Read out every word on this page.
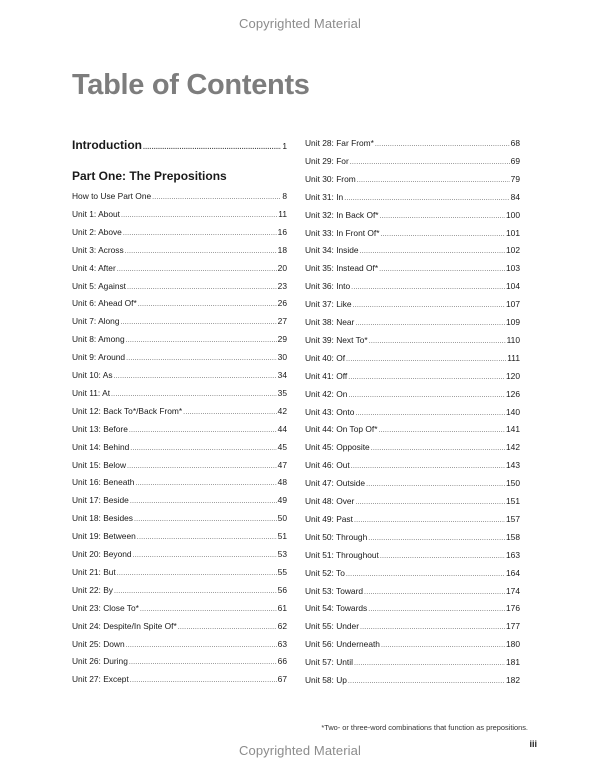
Copyrighted Material
Table of Contents
Introduction .....	1
Part One: The Prepositions
How to Use Part One .....	8
Unit 1: About .....	11
Unit 2: Above .....	16
Unit 3: Across .....	18
Unit 4: After .....	20
Unit 5: Against .....	23
Unit 6: Ahead Of* .....	26
Unit 7: Along .....	27
Unit 8: Among .....	29
Unit 9: Around .....	30
Unit 10: As .....	34
Unit 11: At .....	35
Unit 12: Back To*/Back From* .....	42
Unit 13: Before .....	44
Unit 14: Behind .....	45
Unit 15: Below .....	47
Unit 16: Beneath .....	48
Unit 17: Beside .....	49
Unit 18: Besides .....	50
Unit 19: Between .....	51
Unit 20: Beyond .....	53
Unit 21: But .....	55
Unit 22: By .....	56
Unit 23: Close To* .....	61
Unit 24: Despite/In Spite Of* .....	62
Unit 25: Down .....	63
Unit 26: During .....	66
Unit 27: Except .....	67
Unit 28: Far From* .....	68
Unit 29: For .....	69
Unit 30: From .....	79
Unit 31: In .....	84
Unit 32: In Back Of* .....	100
Unit 33: In Front Of* .....	101
Unit 34: Inside .....	102
Unit 35: Instead Of* .....	103
Unit 36: Into .....	104
Unit 37: Like .....	107
Unit 38: Near .....	109
Unit 39: Next To* .....	110
Unit 40: Of .....	111
Unit 41: Off .....	120
Unit 42: On .....	126
Unit 43: Onto .....	140
Unit 44: On Top Of* .....	141
Unit 45: Opposite .....	142
Unit 46: Out .....	143
Unit 47: Outside .....	150
Unit 48: Over .....	151
Unit 49: Past .....	157
Unit 50: Through .....	158
Unit 51: Throughout .....	163
Unit 52: To .....	164
Unit 53: Toward .....	174
Unit 54: Towards .....	176
Unit 55: Under .....	177
Unit 56: Underneath .....	180
Unit 57: Until .....	181
Unit 58: Up .....	182
*Two- or three-word combinations that function as prepositions.
iii
Copyrighted Material
